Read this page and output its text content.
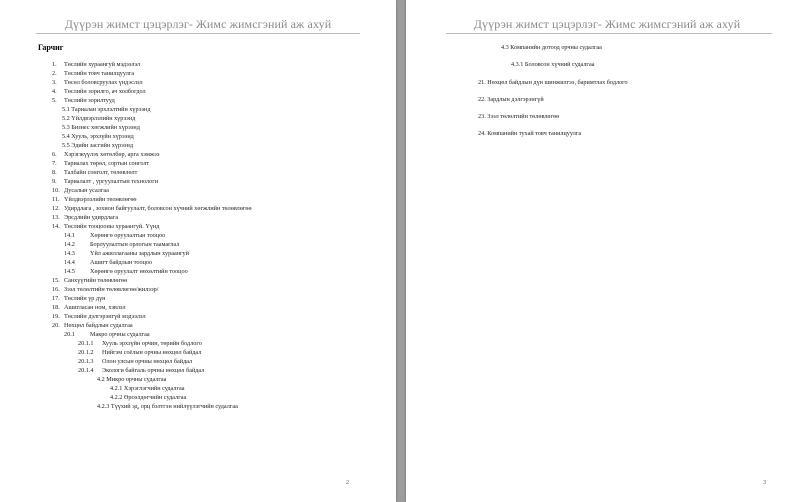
Дүүрэн жимст цэцэрлэг- Жимс жимсгэний аж ахуй
Гарчиг
1. Төслийн хураангуй мэдээлэл
2. Төслийн товч танилцуулга
3. Төсөл боловсруулах үндэслэл
4. Төслийн зорилго, ач холбогдол
5. Төслийн зорилтууд
5.1 Тариалан эрхлэлтийн хүрээнд
5.2 Үйлдвэрлэлийн хүрээнд
5.3 Бизнес хөгжлийн хүрээнд
5.4 Хууль, эрхзүйн хүрээнд
5.5 Эдийн засгийн хүрээнд
6. Хэрэгжүүлэх хөтөлбөр, арга хэмжээ
7. Тариалах төрөл, сортын сонголт
8. Талбайн сонголт, төлөвлөлт
9. Тариалалт , ургуулалтын технологи
10. Дусалын усалгаа
11. Үйлдвэрлэлийн төлөвлөгөө
12. Удирдлага , зохион байгуулалт, боловсон хүчний хөгжлийн төлөвлөгөө
13. Эрсдлийн удирдлага
14. Төслийн тооцооны хураангуй. Үүнд
14.1 Хөрөнгө оруулалтын тооцоо
14.2 Борлуулалтын орлогын таамаглал
14.3 Үйл ажиллагааны зардлын хураангуй
14.4 Ашигт байдлын тооцоо
14.5 Хөрөнгө оруулалт нөхөлтийн тооцоо
15. Санхүүгийн төлөвлөгөө
16. Зээл төлөлтийн төлөвлөгөө/жилээр/
17. Төслийн үр дүн
18. Ашигласан ном, хэвлэл
19. Төслийн дэлгэрэнгүй мэдээлэл
20. Нөхцөл байдлын судалгаа
20.1 Макро орчны судалгаа
20.1.1 Хууль эрхзүйн орчин, төрийн бодлого
20.1.2 Нийгэм соёлын орчны нөхцөл байдал
20.1.3 Олон улсын орчны нөхцөл байдал
20.1.4 Экологи байгаль орчны нөхцөл байдал
4.2 Микро орчны судалгаа
4.2.1 Хэрэглэгчийн судалгаа
4.2.2 Өрсөлдөгчийн судалгаа
4.2.3 Түүхий эд, орц бэлтгэн нийлүүлэгчийн судалгаа
2
Дүүрэн жимст цэцэрлэг- Жимс жимсгэний аж ахуй
4.3 Компанийн дотоод орчны судалгаа
4.3.1 Боловсон хүчний судалгаа
21. Нөхцөл байдлын дүн шинжилгээ, баримтлах бодлого
22. Зардлын дэлгэрэнгүй
23. Зээл төлөлтийн төлөвлөгөө
24. Компанийн тухай товч танилцуулга
3
